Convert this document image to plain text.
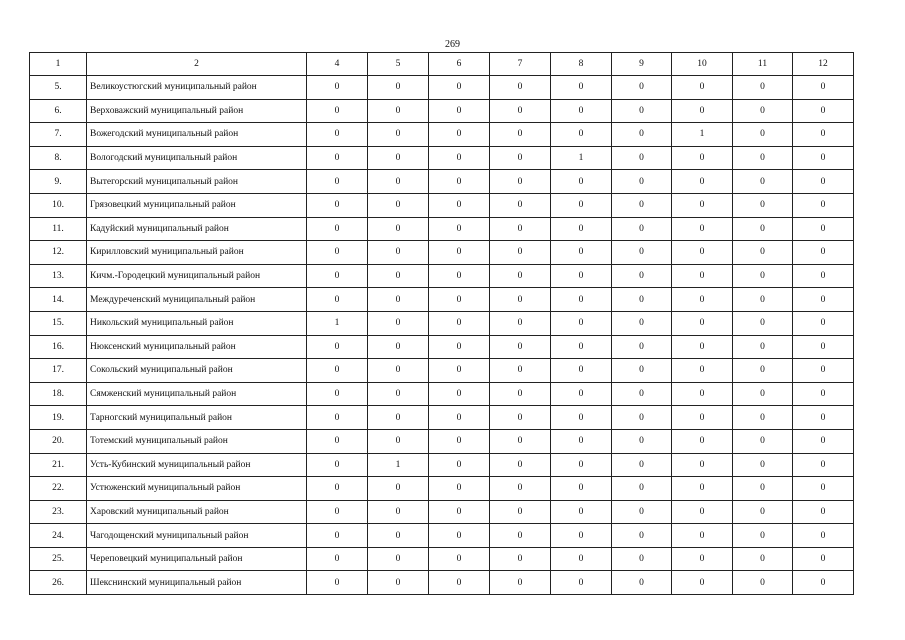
269
1	2	4	5	6	7	8	9	10	11	12
5.	Великоустюгский муниципальный район	0	0	0	0	0	0	0	0	0
6.	Верховажский муниципальный район	0	0	0	0	0	0	0	0	0
7.	Вожегодский муниципальный район	0	0	0	0	0	0	1	0	0
8.	Вологодский муниципальный район	0	0	0	0	1	0	0	0	0
9.	Вытегорский муниципальный район	0	0	0	0	0	0	0	0	0
10.	Грязовецкий муниципальный район	0	0	0	0	0	0	0	0	0
11.	Кадуйский муниципальный район	0	0	0	0	0	0	0	0	0
12.	Кирилловский муниципальный район	0	0	0	0	0	0	0	0	0
13.	Кичм.-Городецкий муниципальный район	0	0	0	0	0	0	0	0	0
14.	Междуреченский муниципальный район	0	0	0	0	0	0	0	0	0
15.	Никольский муниципальный район	1	0	0	0	0	0	0	0	0
16.	Нюксенский муниципальный район	0	0	0	0	0	0	0	0	0
17.	Сокольский муниципальный район	0	0	0	0	0	0	0	0	0
18.	Сямженский муниципальный район	0	0	0	0	0	0	0	0	0
19.	Тарногский муниципальный район	0	0	0	0	0	0	0	0	0
20.	Тотемский муниципальный район	0	0	0	0	0	0	0	0	0
21.	Усть-Кубинский муниципальный район	0	1	0	0	0	0	0	0	0
22.	Устюженский муниципальный район	0	0	0	0	0	0	0	0	0
23.	Харовский муниципальный район	0	0	0	0	0	0	0	0	0
24.	Чагодощенский муниципальный район	0	0	0	0	0	0	0	0	0
25.	Череповецкий муниципальный район	0	0	0	0	0	0	0	0	0
26.	Шекснинский муниципальный район	0	0	0	0	0	0	0	0	0
